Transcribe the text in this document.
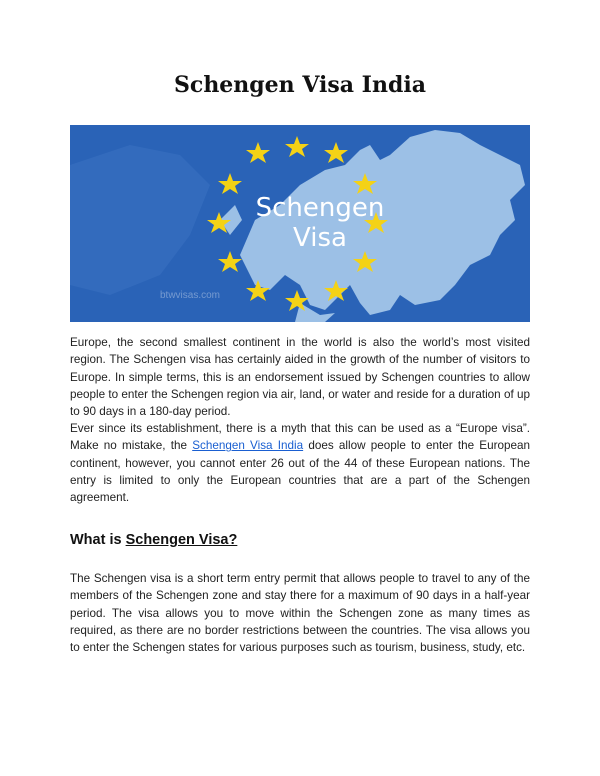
Schengen Visa India
Schengen
Visa
btwvisas.com

Europe, the second smallest continent in the world is also the world’s most visited region. The Schengen visa has certainly aided in the growth of the number of visitors to Europe. In simple terms, this is an endorsement issued by Schengen countries to allow people to enter the Schengen region via air, land, or water and reside for a duration of up to 90 days in a 180-day period.

Ever since its establishment, there is a myth that this can be used as a “Europe visa”. Make no mistake, the Schengen Visa India does allow people to enter the European continent, however, you cannot enter 26 out of the 44 of these European nations. The entry is limited to only the European countries that are a part of the Schengen agreement.

What is Schengen Visa?

The Schengen visa is a short term entry permit that allows people to travel to any of the members of the Schengen zone and stay there for a maximum of 90 days in a half-year period. The visa allows you to move within the Schengen zone as many times as required, as there are no border restrictions between the countries. The visa allows you to enter the Schengen states for various purposes such as tourism, business, study, etc.
